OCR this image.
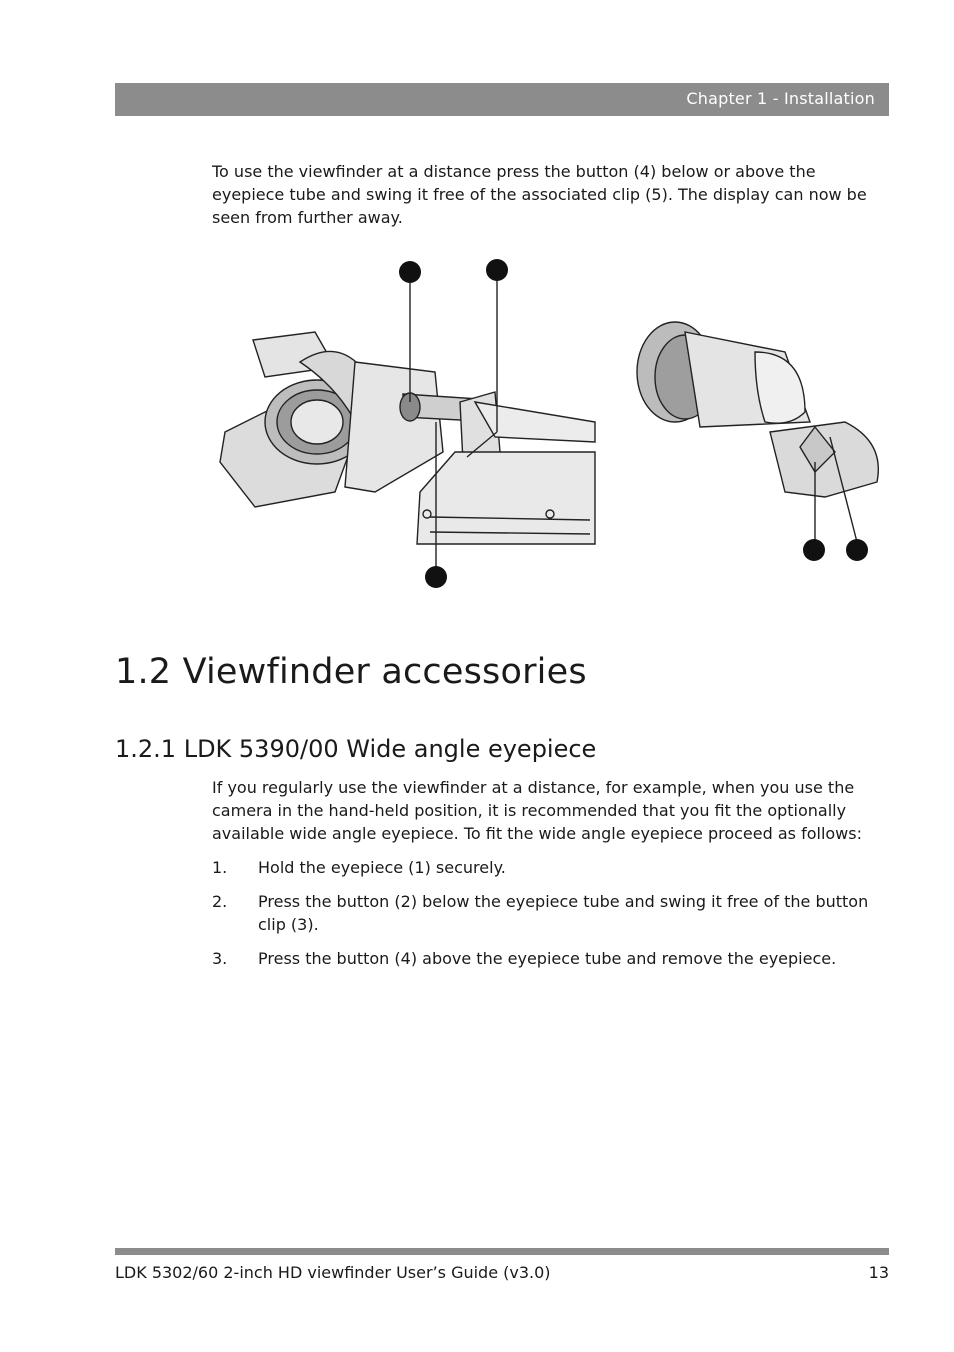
Chapter 1 - Installation

To use the viewfinder at a distance press the button (4) below or above the eyepiece tube and swing it free of the associated clip (5). The display can now be seen from further away.

1.2 Viewfinder accessories
1.2.1 LDK 5390/00 Wide angle eyepiece

If you regularly use the viewfinder at a distance, for example, when you use the camera in the hand-held position, it is recommended that you fit the optionally available wide angle eyepiece. To fit the wide angle eyepiece proceed as follows:

1.	Hold the eyepiece (1) securely.
2.	Press the button (2) below the eyepiece tube and swing it free of the button clip (3).
3.	Press the button (4) above the eyepiece tube and remove the eyepiece.
LDK 5302/60 2-inch HD viewfinder User’s Guide (v3.0)	13
